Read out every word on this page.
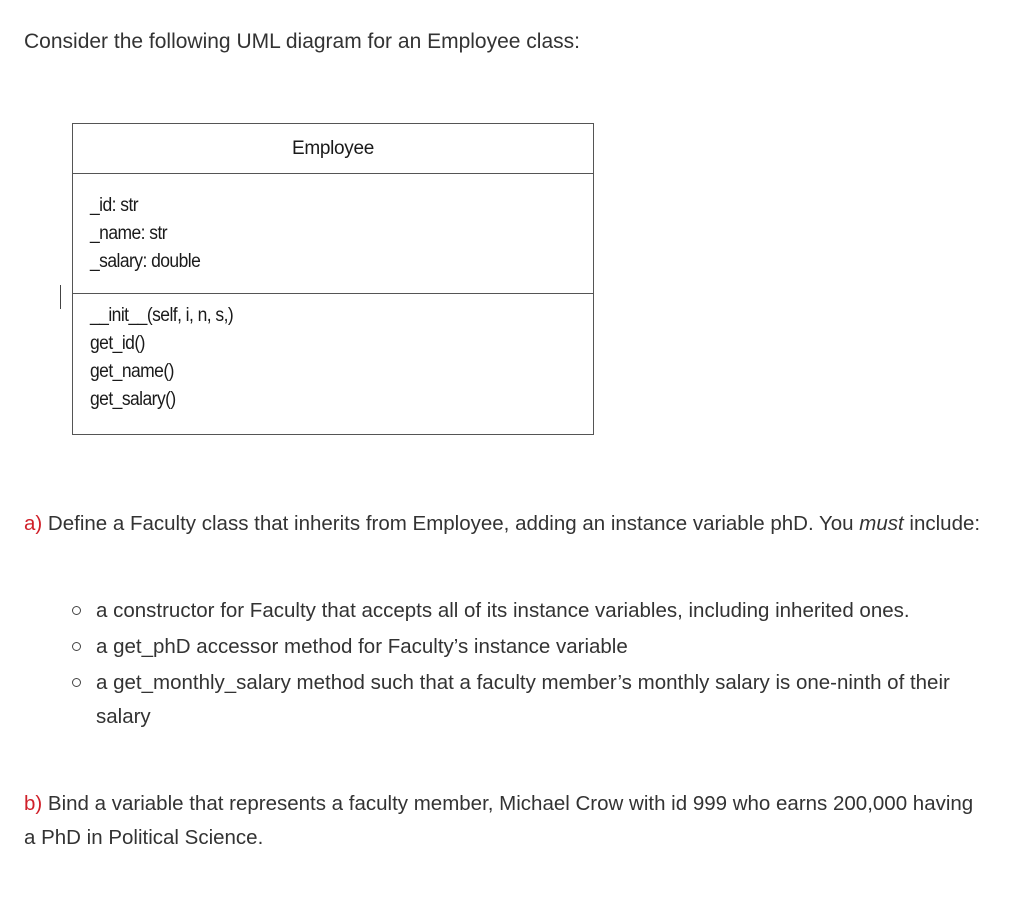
Consider the following UML diagram for an Employee class:

Employee
_id: str
_name: str
_salary: double
__init__(self, i, n, s,)
get_id()
get_name()
get_salary()

a) Define a Faculty class that inherits from Employee, adding an instance variable phD. You must include:

a constructor for Faculty that accepts all of its instance variables, including inherited ones.
a get_phD accessor method for Faculty’s instance variable
a get_monthly_salary method such that a faculty member’s monthly salary is one-ninth of their salary

b) Bind a variable that represents a faculty member, Michael Crow with id 999 who earns 200,000 having a PhD in Political Science.
